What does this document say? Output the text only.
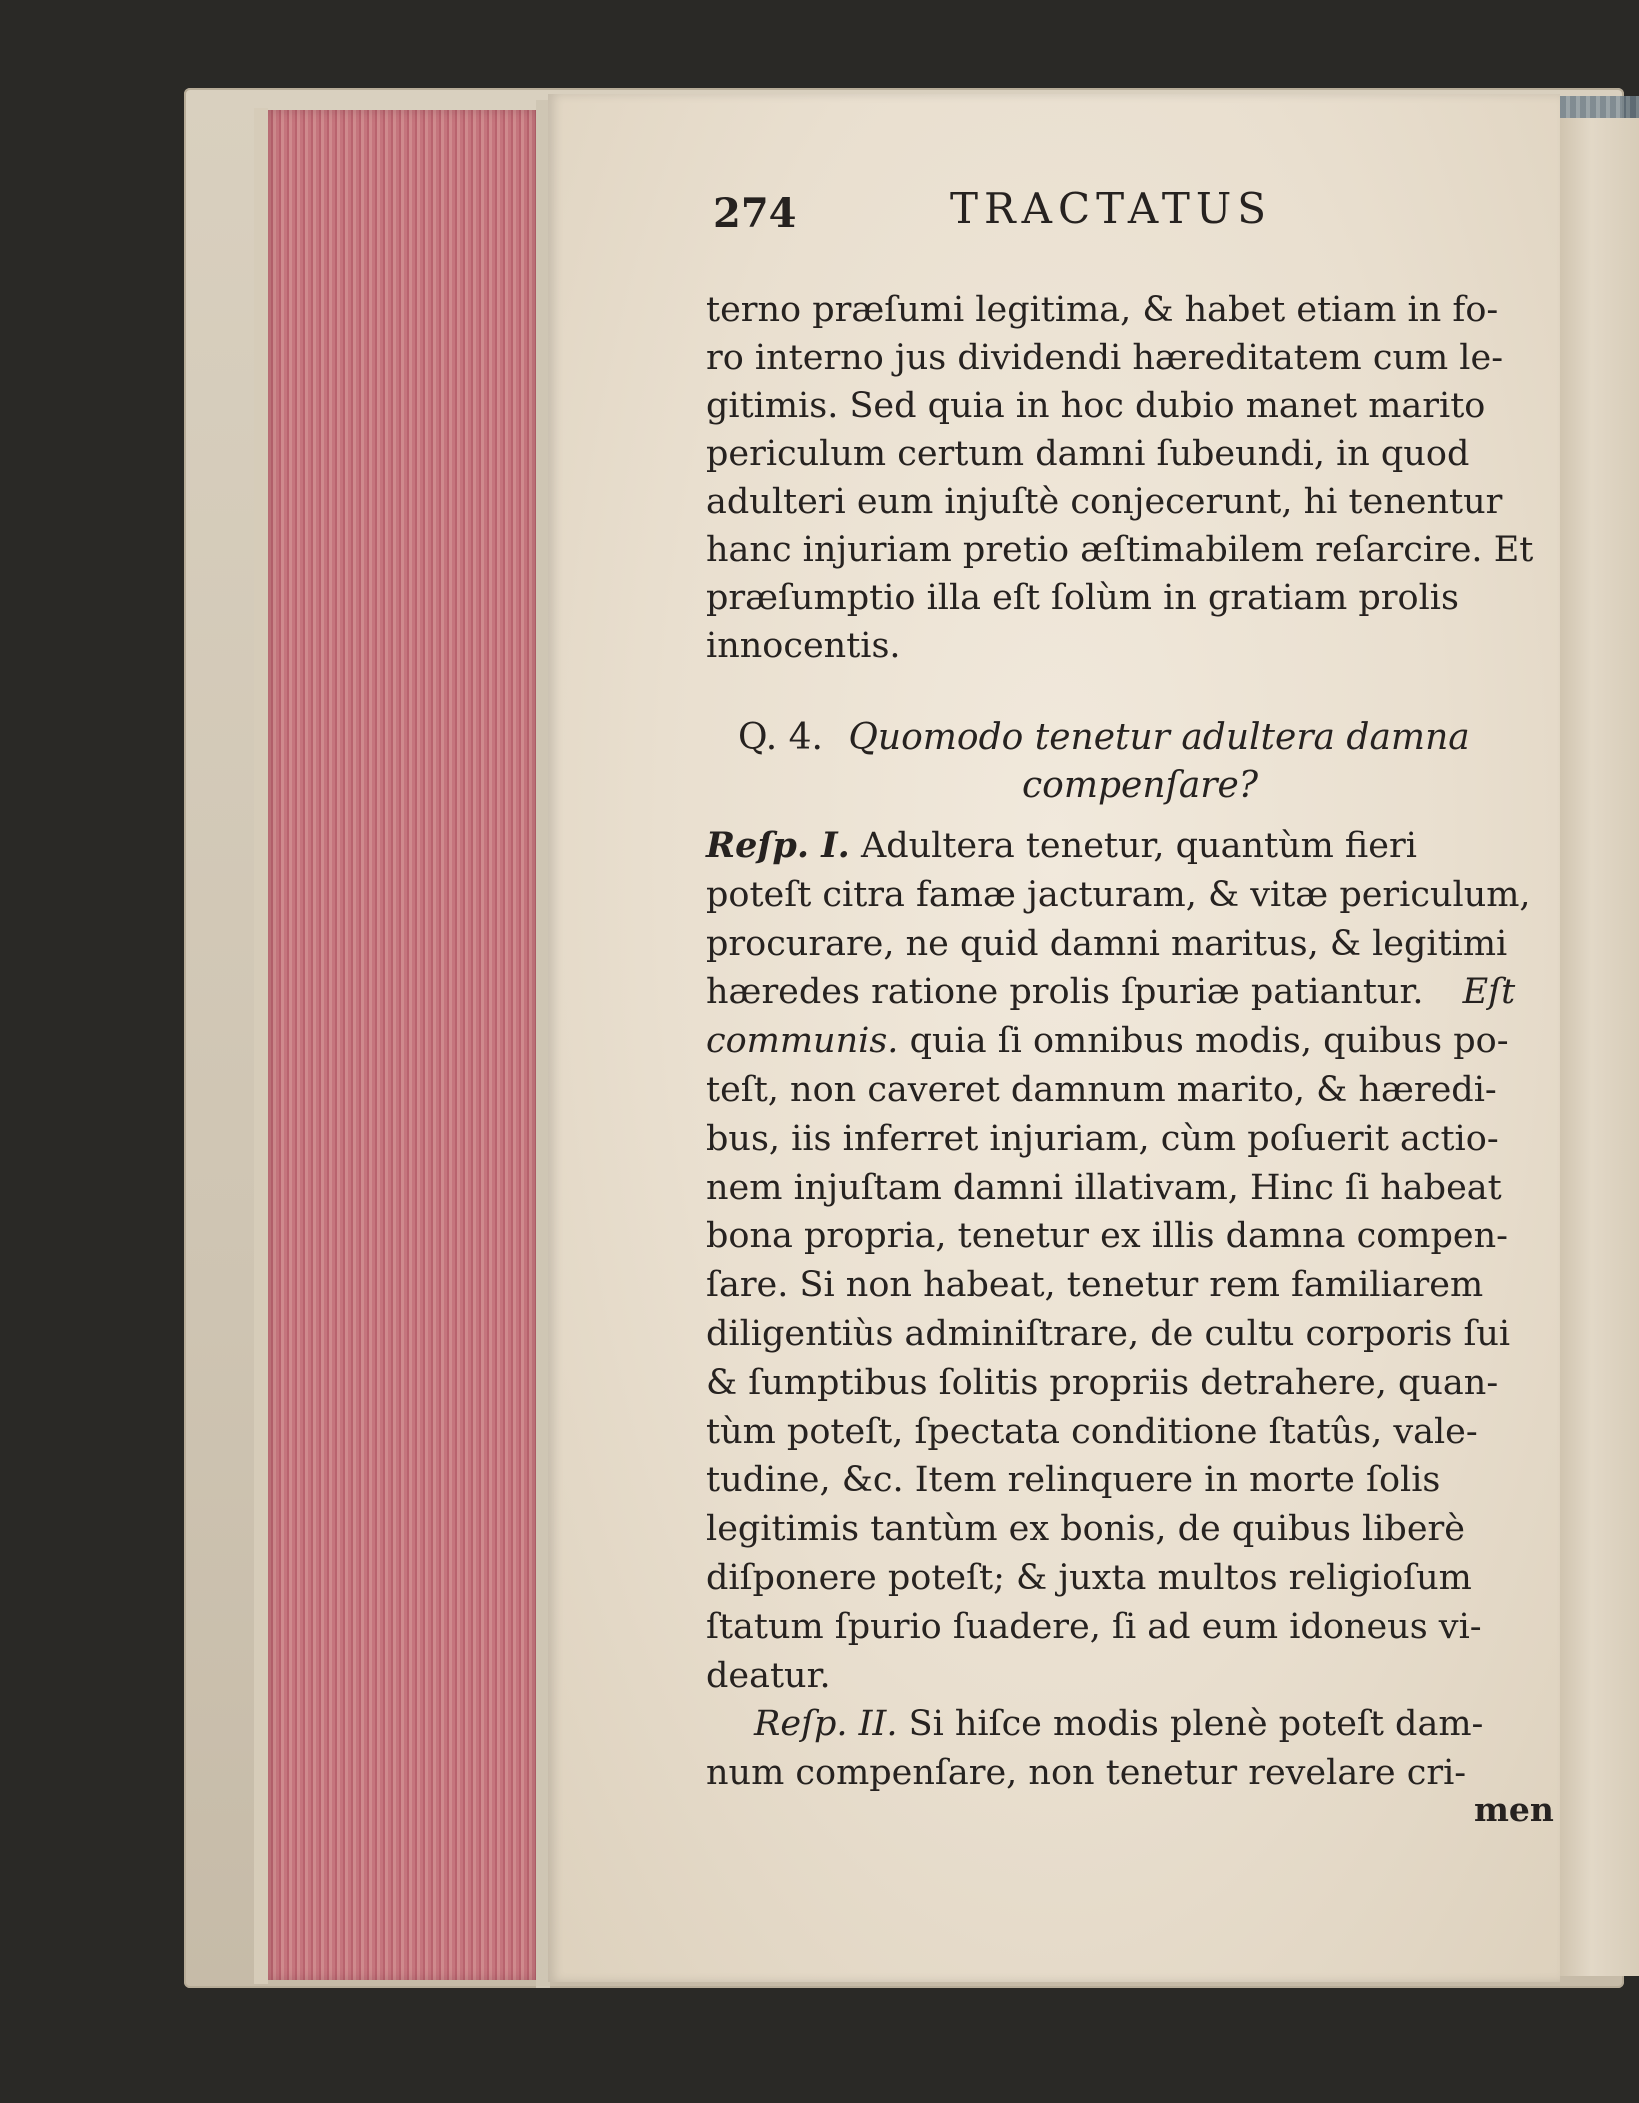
274	TRACTATUS
terno præſumi legitima, & habet etiam in fo-
ro interno jus dividendi hæreditatem cum le-
gitimis. Sed quia in hoc dubio manet marito
periculum certum damni ſubeundi, in quod
adulteri eum injuſtè conjecerunt, hi tenentur
hanc injuriam pretio æſtimabilem reſarcire. Et
præſumptio illa eſt ſolùm in gratiam prolis
innocentis.
Q. 4. Quomodo tenetur adultera damna
compenſare?
Reſp. I. Adultera tenetur, quantùm fieri
poteſt citra famæ jacturam, & vitæ periculum,
procurare, ne quid damni maritus, & legitimi
hæredes ratione prolis ſpuriæ patiantur. Eſt
communis. quia ſi omnibus modis, quibus po-
teſt, non caveret damnum marito, & hæredi-
bus, iis inferret injuriam, cùm poſuerit actio-
nem injuſtam damni illativam, Hinc ſi habeat
bona propria, tenetur ex illis damna compen-
ſare. Si non habeat, tenetur rem familiarem
diligentiùs adminiſtrare, de cultu corporis ſui
& ſumptibus ſolitis propriis detrahere, quan-
tùm poteſt, ſpectata conditione ſtatûs, vale-
tudine, &c. Item relinquere in morte ſolis
legitimis tantùm ex bonis, de quibus liberè
diſponere poteſt; & juxta multos religioſum
ſtatum ſpurio ſuadere, ſi ad eum idoneus vi-
deatur.
Reſp. II. Si hiſce modis plenè poteſt dam-
num compenſare, non tenetur revelare cri-
men
